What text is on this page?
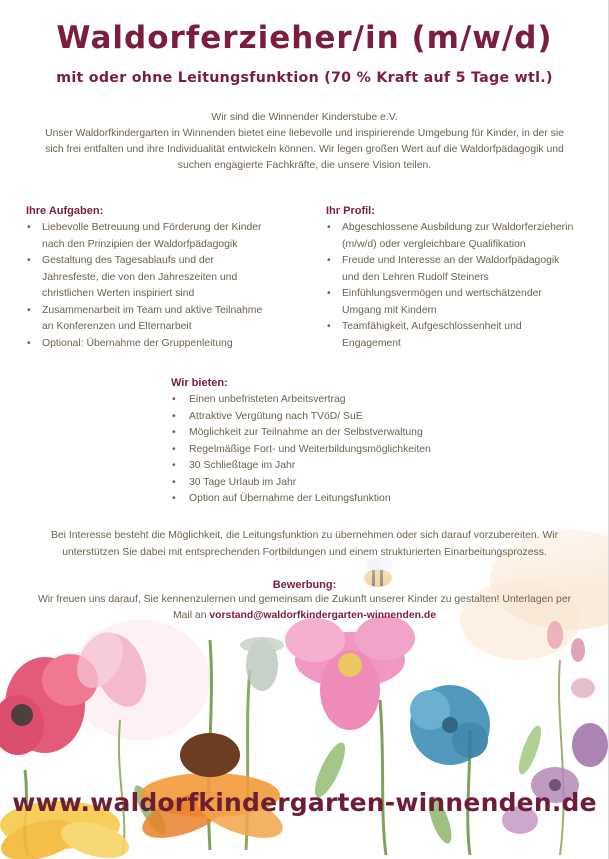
Waldorferzieher/in (m/w/d)
mit oder ohne Leitungsfunktion (70 % Kraft auf 5 Tage wtl.)
Wir sind die Winnender Kinderstube e.V.
Unser Waldorfkindergarten in Winnenden bietet eine liebevolle und inspirierende Umgebung für Kinder, in der sie
sich frei entfalten und ihre Individualität entwickeln können. Wir legen großen Wert auf die Waldorfpädagogik und
suchen engagierte Fachkräfte, die unsere Vision teilen.
Ihre Aufgaben:
• Liebevolle Betreuung und Förderung der Kinder
nach den Prinzipien der Waldorfpädagogik
• Gestaltung des Tagesablaufs und der
Jahresfeste, die von den Jahreszeiten und
christlichen Werten inspiriert sind
• Zusammenarbeit im Team und aktive Teilnahme
an Konferenzen und Elternarbeit
• Optional: Übernahme der Gruppenleitung
Ihr Profil:
• Abgeschlossene Ausbildung zur Waldorferzieherin
(m/w/d) oder vergleichbare Qualifikation
• Freude und Interesse an der Waldorfpädagogik
und den Lehren Rudolf Steiners
• Einfühlungsvermögen und wertschätzender
Umgang mit Kindern
• Teamfähigkeit, Aufgeschlossenheit und
Engagement
Wir bieten:
• Einen unbefristeten Arbeitsvertrag
• Attraktive Vergütung nach TVöD/ SuE
• Möglichkeit zur Teilnahme an der Selbstverwaltung
• Regelmäßige Fort- und Weiterbildungsmöglichkeiten
• 30 Schließtage im Jahr
• 30 Tage Urlaub im Jahr
• Option auf Übernahme der Leitungsfunktion
Bei Interesse besteht die Möglichkeit, die Leitungsfunktion zu übernehmen oder sich darauf vorzubereiten. Wir
unterstützen Sie dabei mit entsprechenden Fortbildungen und einem strukturierten Einarbeitungsprozess.
Bewerbung:
Wir freuen uns darauf, Sie kennenzulernen und gemeinsam die Zukunft unserer Kinder zu gestalten! Unterlagen per
Mail an vorstand@waldorfkindergarten-winnenden.de
www.waldorfkindergarten-winnenden.de
